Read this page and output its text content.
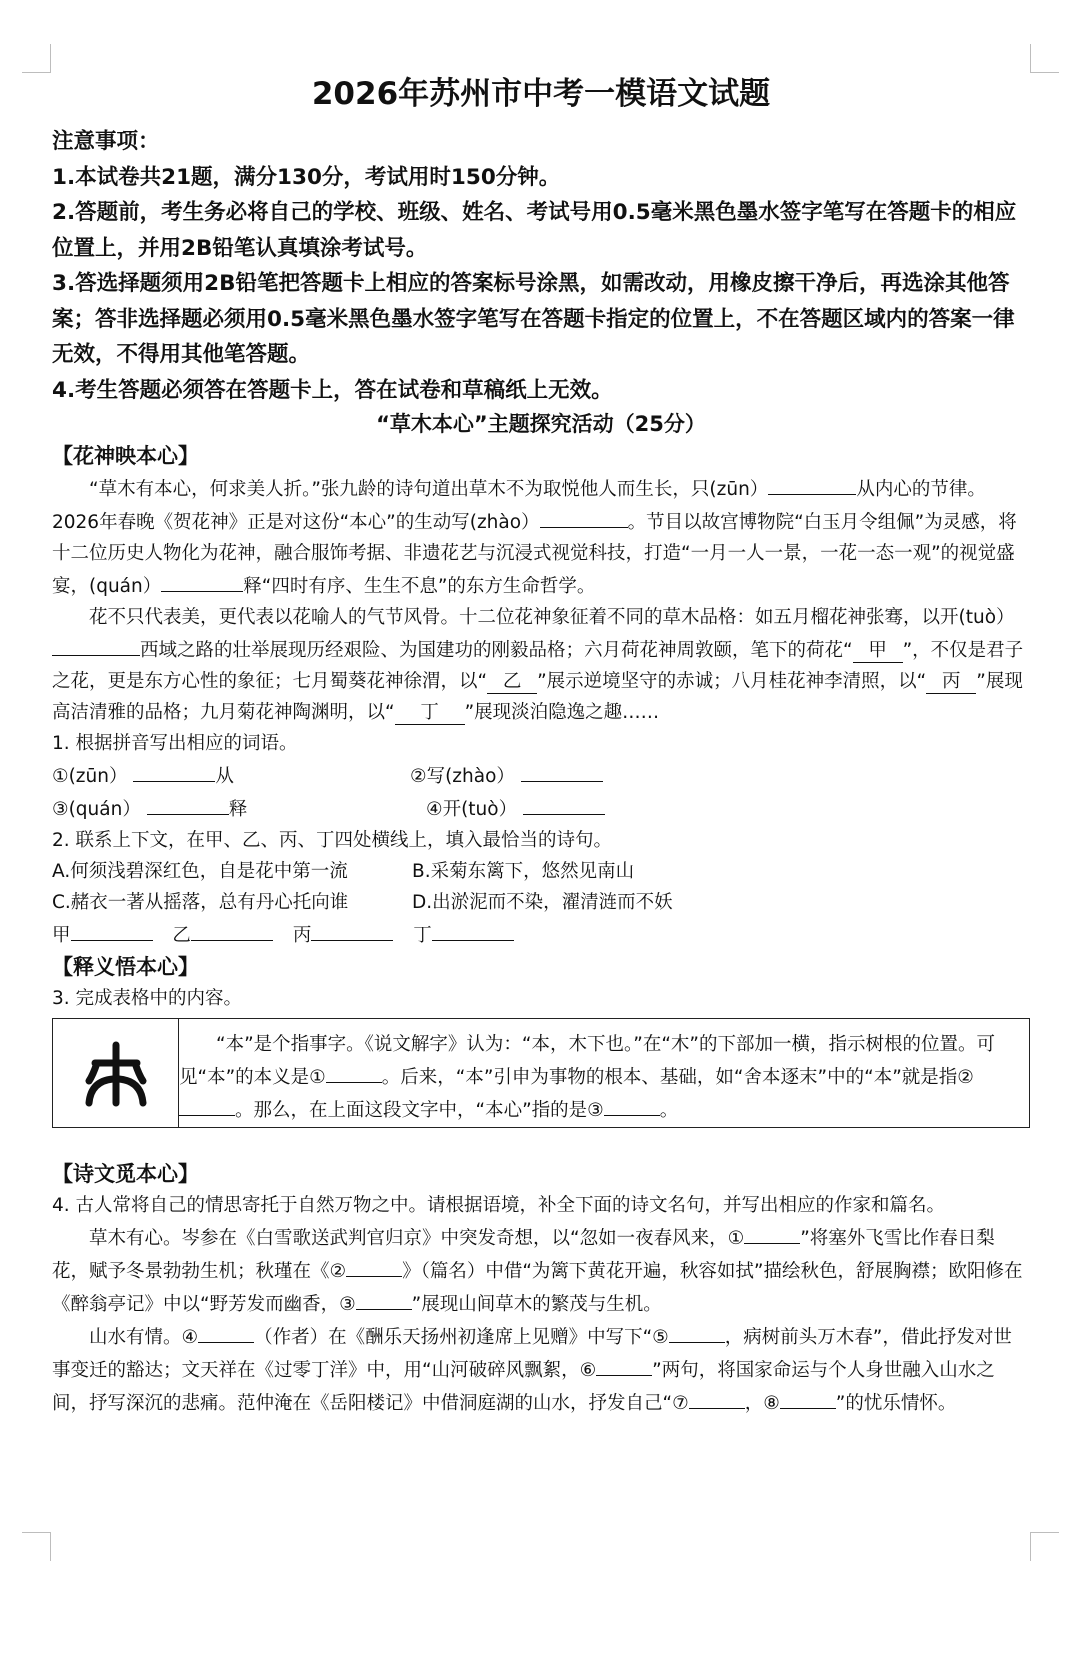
2026年苏州市中考一模语文试题

注意事项：

1.本试卷共21题，满分130分，考试用时150分钟。

2.答题前，考生务必将自己的学校、班级、姓名、考试号用0.5毫米黑色墨水签字笔写在答题卡的相应位置上，并用2B铅笔认真填涂考试号。

3.答选择题须用2B铅笔把答题卡上相应的答案标号涂黑，如需改动，用橡皮擦干净后，再选涂其他答案；答非选择题必须用0.5毫米黑色墨水签字笔写在答题卡指定的位置上，不在答题区域内的答案一律无效，不得用其他笔答题。

4.考生答题必须答在答题卡上，答在试卷和草稿纸上无效。

“草木本心”主题探究活动（25分）

【花神映本心】

“草木有本心，何求美人折。”张九龄的诗句道出草木不为取悦他人而生长，只(zūn）	从内心的节律。2026年春晚《贺花神》正是对这份“本心”的生动写(zhào）	。节目以故宫博物院“白玉月令组佩”为灵感，将十二位历史人物化为花神，融合服饰考据、非遗花艺与沉浸式视觉科技，打造“一月一人一景，一花一态一观”的视觉盛宴，(quán）	释“四时有序、生生不息”的东方生命哲学。

花不只代表美，更代表以花喻人的气节风骨。十二位花神象征着不同的草木品格：如五月榴花神张骞，以开(tuò）西域之路的壮举展现历经艰险、为国建功的刚毅品格；六月荷花神周敦颐，笔下的荷花“ 甲 ”，不仅是君子之花，更是东方心性的象征；七月蜀葵花神徐渭，以“ 乙 ”展示逆境坚守的赤诚；八月桂花神李清照，以“ 丙 ”展现高洁清雅的品格；九月菊花神陶渊明，以“ 丁 ”展现淡泊隐逸之趣……

1. 根据拼音写出相应的词语。

①(zūn）	从	②写(zhào）
③(quán）	释	④开(tuò）

2. 联系上下文，在甲、乙、丙、丁四处横线上，填入最恰当的诗句。

A.何须浅碧深红色，自是花中第一流	B.采菊东篱下，悠然见南山
C.赭衣一著从摇落，总有丹心托向谁	D.出淤泥而不染，濯清涟而不妖
甲	乙	丙	丁

【释义悟本心】

3. 完成表格中的内容。

“本”是个指事字。《说文解字》认为：“本，木下也。”在“木”的下部加一横，指示树根的位置。可见“本”的本义是①	。后来，“本”引申为事物的根本、基础，如“舍本逐末”中的“本”就是指②。那么，在上面这段文字中，“本心”指的是③	。

【诗文觅本心】

4. 古人常将自己的情思寄托于自然万物之中。请根据语境，补全下面的诗文名句，并写出相应的作家和篇名。

草木有心。岑参在《白雪歌送武判官归京》中突发奇想，以“忽如一夜春风来，①	”将塞外飞雪比作春日梨花，赋予冬景勃勃生机；秋瑾在《②	》（篇名）中借“为篱下黄花开遍，秋容如拭”描绘秋色，舒展胸襟；欧阳修在《醉翁亭记》中以“野芳发而幽香，③	”展现山间草木的繁茂与生机。

山水有情。④	（作者）在《酬乐天扬州初逢席上见赠》中写下“⑤	，病树前头万木春”，借此抒发对世事变迁的豁达；文天祥在《过零丁洋》中，用“山河破碎风飘絮，⑥	”两句，将国家命运与个人身世融入山水之间，抒写深沉的悲痛。范仲淹在《岳阳楼记》中借洞庭湖的山水，抒发自己“⑦	，⑧	”的忧乐情怀。
